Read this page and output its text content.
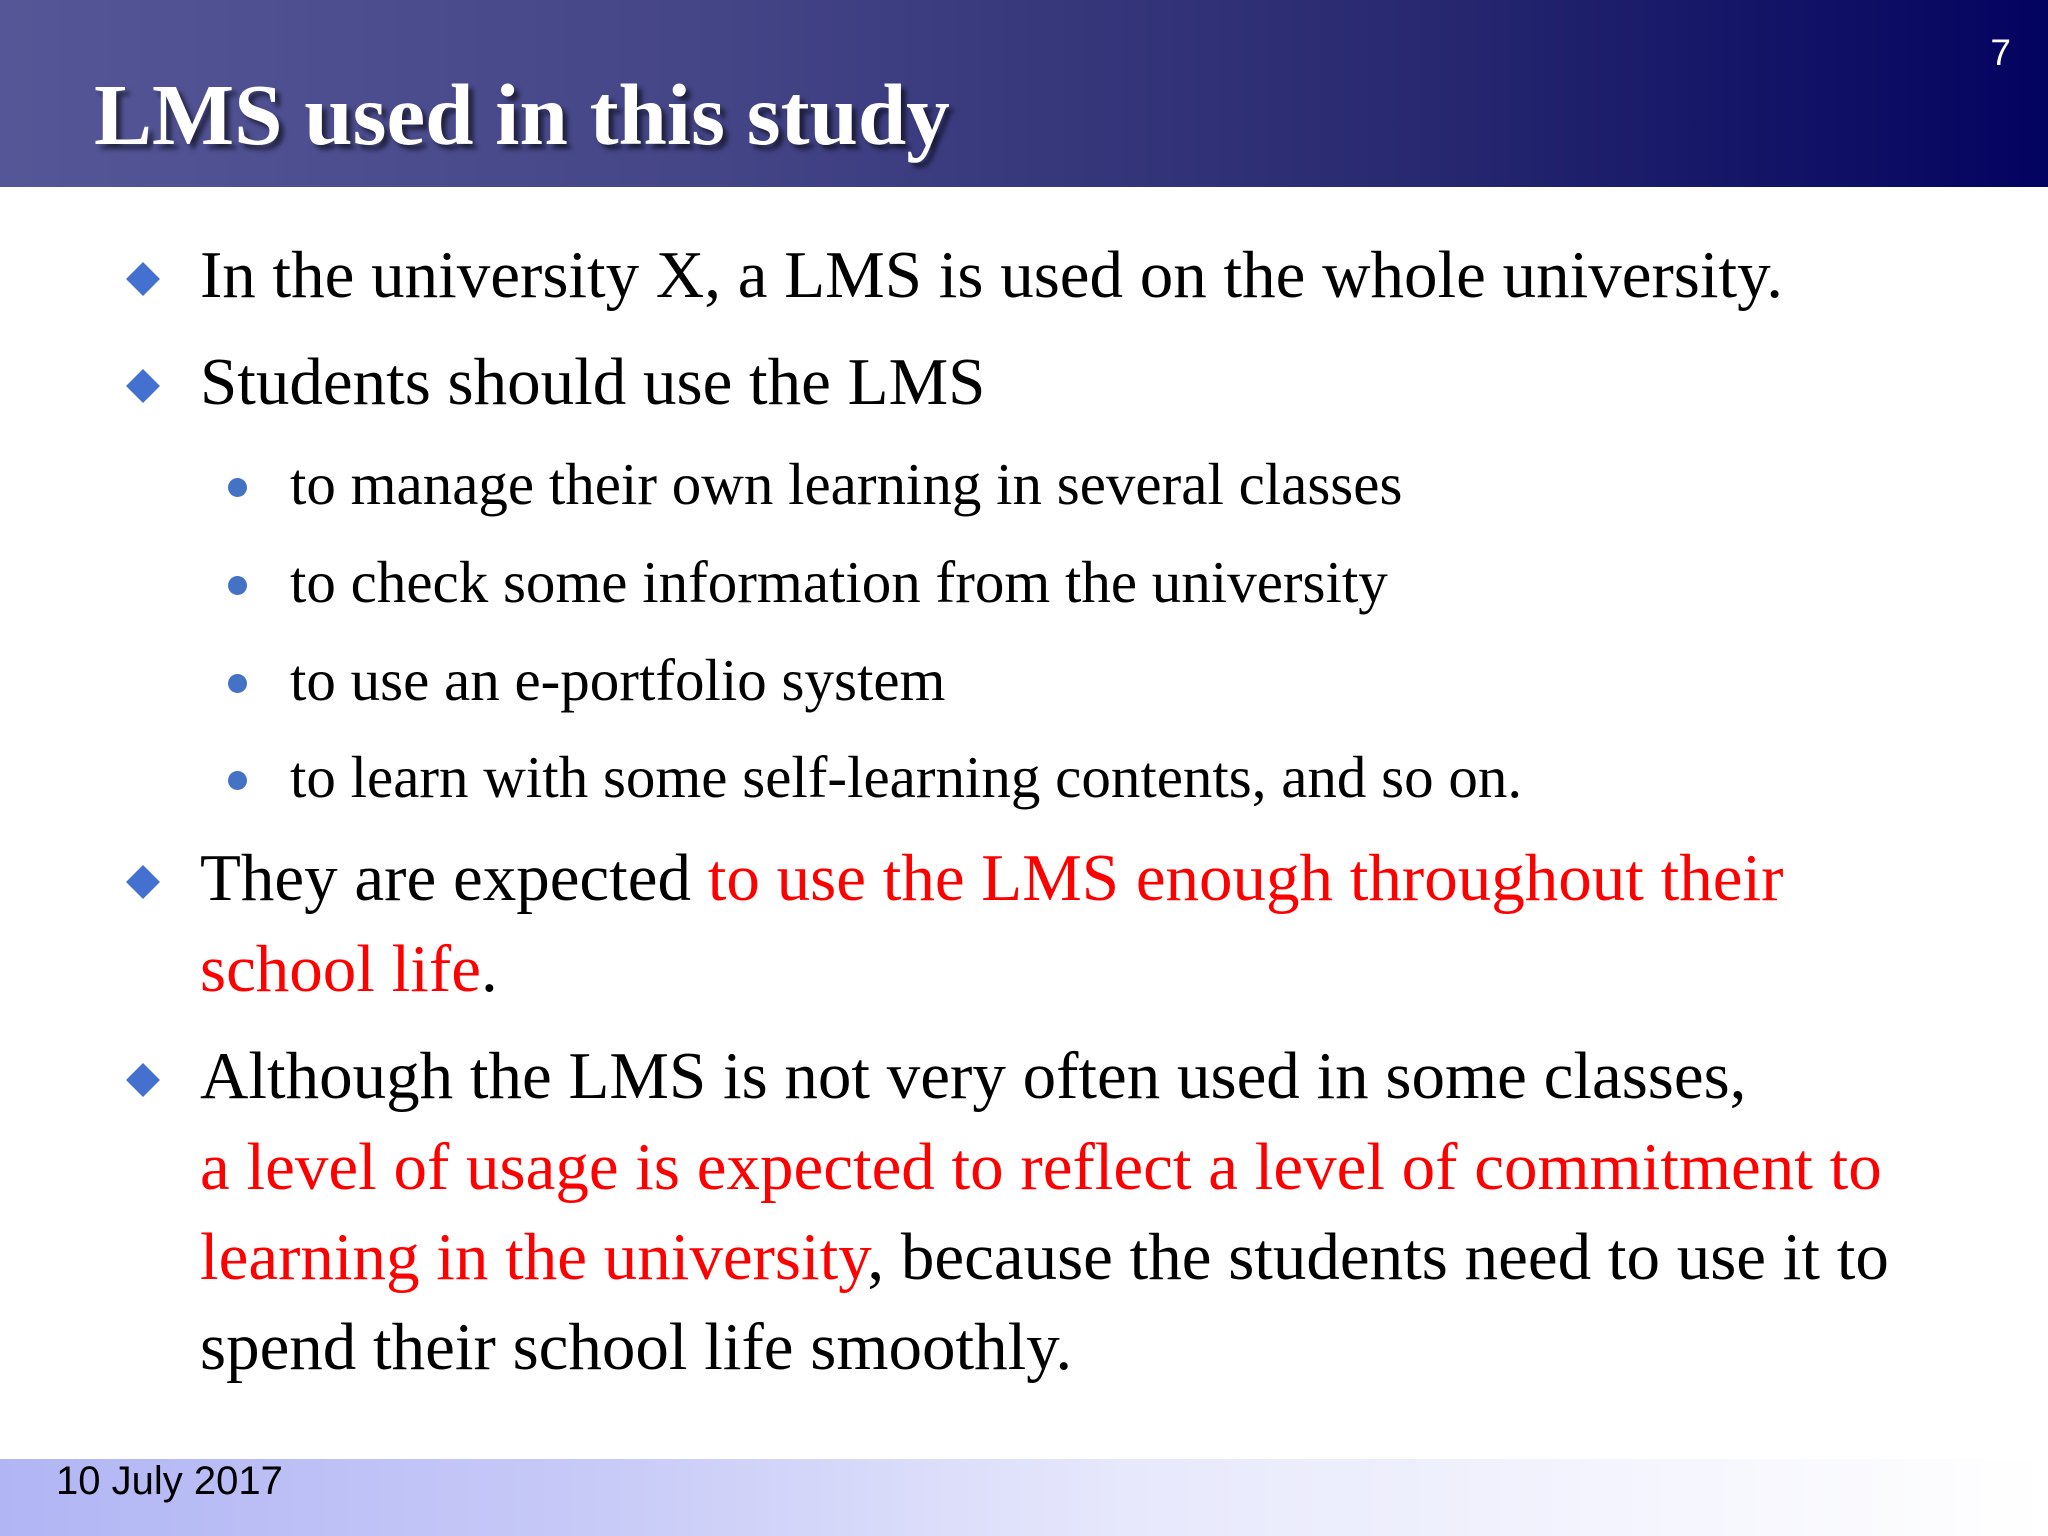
LMS used in this study
7
In the university X, a LMS is used on the whole university.
Students should use the LMS
to manage their own learning in several classes
to check some information from the university
to use an e-portfolio system
to learn with some self-learning contents, and so on.
They are expected to use the LMS enough throughout their
school life.
Although the LMS is not very often used in some classes,
a level of usage is expected to reflect a level of commitment to
learning in the university, because the students need to use it to
spend their school life smoothly.
10 July 2017
